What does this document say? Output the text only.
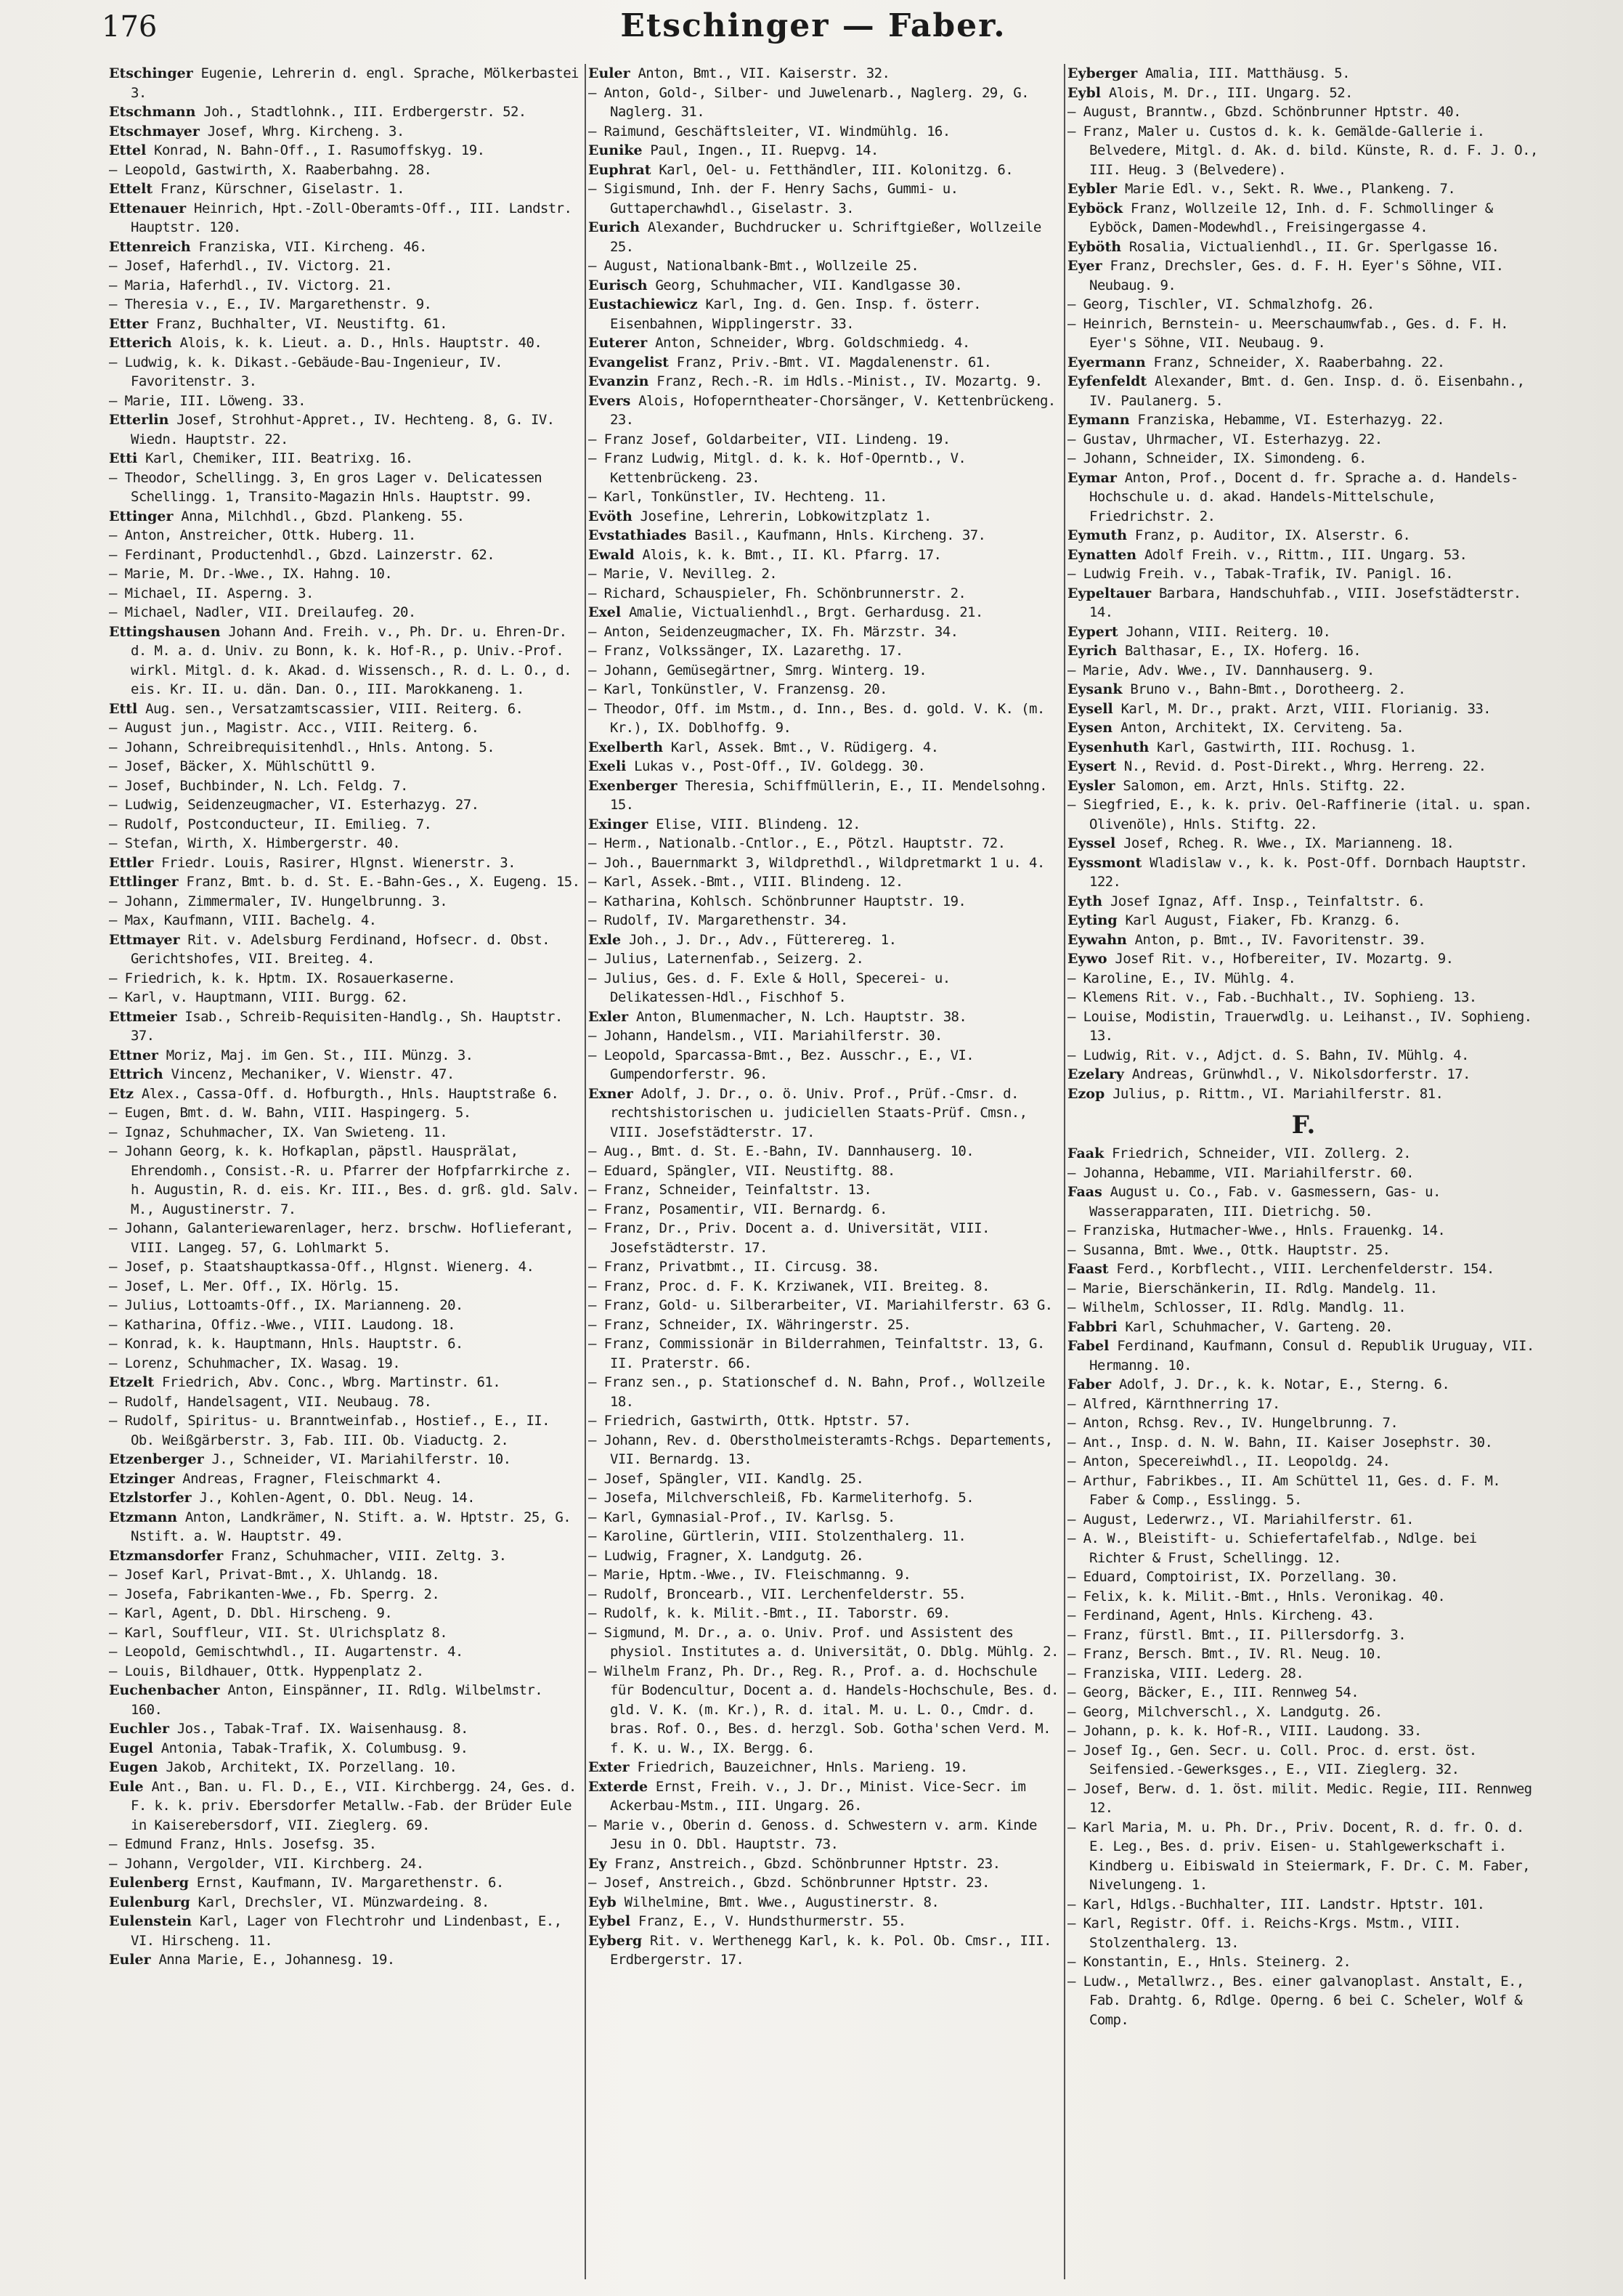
176	Etschinger — Faber.

Etschinger Eugenie, Lehrerin d. engl. Sprache, Mölkerbastei 3.

Etschmann Joh., Stadtlohnk., III. Erdbergerstr. 52.

Etschmayer Josef, Whrg. Kircheng. 3.

Ettel Konrad, N. Bahn-Off., I. Rasumoffskyg. 19.

— Leopold, Gastwirth, X. Raaberbahng. 28.

Ettelt Franz, Kürschner, Giselastr. 1.

Ettenauer Heinrich, Hpt.-Zoll-Oberamts-Off., III. Landstr. Hauptstr. 120.

Ettenreich Franziska, VII. Kircheng. 46.

— Josef, Haferhdl., IV. Victorg. 21.

— Maria, Haferhdl., IV. Victorg. 21.

— Theresia v., E., IV. Margarethenstr. 9.

Etter Franz, Buchhalter, VI. Neustiftg. 61.

Etterich Alois, k. k. Lieut. a. D., Hnls. Hauptstr. 40.

— Ludwig, k. k. Dikast.-Gebäude-Bau-Ingenieur, IV. Favoritenstr. 3.

— Marie, III. Löweng. 33.

Etterlin Josef, Strohhut-Appret., IV. Hechteng. 8, G. IV. Wiedn. Hauptstr. 22.

Etti Karl, Chemiker, III. Beatrixg. 16.

— Theodor, Schellingg. 3, En gros Lager v. Delicatessen Schellingg. 1, Transito-Magazin Hnls. Hauptstr. 99.

Ettinger Anna, Milchhdl., Gbzd. Plankeng. 55.

— Anton, Anstreicher, Ottk. Huberg. 11.

— Ferdinant, Productenhdl., Gbzd. Lainzerstr. 62.

— Marie, M. Dr.-Wwe., IX. Hahng. 10.

— Michael, II. Asperng. 3.

— Michael, Nadler, VII. Dreilaufeg. 20.

Ettingshausen Johann And. Freih. v., Ph. Dr. u. Ehren-Dr. d. M. a. d. Univ. zu Bonn, k. k. Hof-R., p. Univ.-Prof. wirkl. Mitgl. d. k. Akad. d. Wissensch., R. d. L. O., d. eis. Kr. II. u. dän. Dan. O., III. Marokkaneng. 1.

Ettl Aug. sen., Versatzamtscassier, VIII. Reiterg. 6.

— August jun., Magistr. Acc., VIII. Reiterg. 6.

— Johann, Schreibrequisitenhdl., Hnls. Antong. 5.

— Josef, Bäcker, X. Mühlschüttl 9.

— Josef, Buchbinder, N. Lch. Feldg. 7.

— Ludwig, Seidenzeugmacher, VI. Esterhazyg. 27.

— Rudolf, Postconducteur, II. Emilieg. 7.

— Stefan, Wirth, X. Himbergerstr. 40.

Ettler Friedr. Louis, Rasirer, Hlgnst. Wienerstr. 3.

Ettlinger Franz, Bmt. b. d. St. E.-Bahn-Ges., X. Eugeng. 15.

— Johann, Zimmermaler, IV. Hungelbrunng. 3.

— Max, Kaufmann, VIII. Bachelg. 4.

Ettmayer Rit. v. Adelsburg Ferdinand, Hofsecr. d. Obst. Gerichtshofes, VII. Breiteg. 4.

— Friedrich, k. k. Hptm. IX. Rosauerkaserne.

— Karl, v. Hauptmann, VIII. Burgg. 62.

Ettmeier Isab., Schreib-Requisiten-Handlg., Sh. Hauptstr. 37.

Ettner Moriz, Maj. im Gen. St., III. Münzg. 3.

Ettrich Vincenz, Mechaniker, V. Wienstr. 47.

Etz Alex., Cassa-Off. d. Hofburgth., Hnls. Hauptstraße 6.

— Eugen, Bmt. d. W. Bahn, VIII. Haspingerg. 5.

— Ignaz, Schuhmacher, IX. Van Swieteng. 11.

— Johann Georg, k. k. Hofkaplan, päpstl. Hausprälat, Ehrendomh., Consist.-R. u. Pfarrer der Hofpfarrkirche z. h. Augustin, R. d. eis. Kr. III., Bes. d. grß. gld. Salv. M., Augustinerstr. 7.

— Johann, Galanteriewarenlager, herz. brschw. Hoflieferant, VIII. Langeg. 57, G. Lohlmarkt 5.

— Josef, p. Staatshauptkassa-Off., Hlgnst. Wienerg. 4.

— Josef, L. Mer. Off., IX. Hörlg. 15.

— Julius, Lottoamts-Off., IX. Marianneng. 20.

— Katharina, Offiz.-Wwe., VIII. Laudong. 18.

— Konrad, k. k. Hauptmann, Hnls. Hauptstr. 6.

— Lorenz, Schuhmacher, IX. Wasag. 19.

Etzelt Friedrich, Abv. Conc., Wbrg. Martinstr. 61.

— Rudolf, Handelsagent, VII. Neubaug. 78.

— Rudolf, Spiritus- u. Branntweinfab., Hostief., E., II. Ob. Weißgärberstr. 3, Fab. III. Ob. Viaductg. 2.

Etzenberger J., Schneider, VI. Mariahilferstr. 10.

Etzinger Andreas, Fragner, Fleischmarkt 4.

Etzlstorfer J., Kohlen-Agent, O. Dbl. Neug. 14.

Etzmann Anton, Landkrämer, N. Stift. a. W. Hptstr. 25, G. Nstift. a. W. Hauptstr. 49.

Etzmansdorfer Franz, Schuhmacher, VIII. Zeltg. 3.

— Josef Karl, Privat-Bmt., X. Uhlandg. 18.

— Josefa, Fabrikanten-Wwe., Fb. Sperrg. 2.

— Karl, Agent, D. Dbl. Hirscheng. 9.

— Karl, Souffleur, VII. St. Ulrichsplatz 8.

— Leopold, Gemischtwhdl., II. Augartenstr. 4.

— Louis, Bildhauer, Ottk. Hyppenplatz 2.

Euchenbacher Anton, Einspänner, II. Rdlg. Wilbelmstr. 160.

Euchler Jos., Tabak-Traf. IX. Waisenhausg. 8.

Eugel Antonia, Tabak-Trafik, X. Columbusg. 9.

Eugen Jakob, Architekt, IX. Porzellang. 10.

Eule Ant., Ban. u. Fl. D., E., VII. Kirchbergg. 24, Ges. d. F. k. k. priv. Ebersdorfer Metallw.-Fab. der Brüder Eule in Kaiserebersdorf, VII. Zieglerg. 69.

— Edmund Franz, Hnls. Josefsg. 35.

— Johann, Vergolder, VII. Kirchberg. 24.

Eulenberg Ernst, Kaufmann, IV. Margarethenstr. 6.

Eulenburg Karl, Drechsler, VI. Münzwardeing. 8.

Eulenstein Karl, Lager von Flechtrohr und Lindenbast, E., VI. Hirscheng. 11.

Euler Anna Marie, E., Johannesg. 19.

Euler Anton, Bmt., VII. Kaiserstr. 32.

— Anton, Gold-, Silber- und Juwelenarb., Naglerg. 29, G. Naglerg. 31.

— Raimund, Geschäftsleiter, VI. Windmühlg. 16.

Eunike Paul, Ingen., II. Ruepvg. 14.

Euphrat Karl, Oel- u. Fetthändler, III. Kolonitzg. 6.

— Sigismund, Inh. der F. Henry Sachs, Gummi- u. Guttaperchawhdl., Giselastr. 3.

Eurich Alexander, Buchdrucker u. Schriftgießer, Wollzeile 25.

— August, Nationalbank-Bmt., Wollzeile 25.

Eurisch Georg, Schuhmacher, VII. Kandlgasse 30.

Eustachiewicz Karl, Ing. d. Gen. Insp. f. österr. Eisenbahnen, Wipplingerstr. 33.

Euterer Anton, Schneider, Wbrg. Goldschmiedg. 4.

Evangelist Franz, Priv.-Bmt. VI. Magdalenenstr. 61.

Evanzin Franz, Rech.-R. im Hdls.-Minist., IV. Mozartg. 9.

Evers Alois, Hofoperntheater-Chorsänger, V. Kettenbrückeng. 23.

— Franz Josef, Goldarbeiter, VII. Lindeng. 19.

— Franz Ludwig, Mitgl. d. k. k. Hof-Operntb., V. Kettenbrückeng. 23.

— Karl, Tonkünstler, IV. Hechteng. 11.

Evöth Josefine, Lehrerin, Lobkowitzplatz 1.

Evstathiades Basil., Kaufmann, Hnls. Kircheng. 37.

Ewald Alois, k. k. Bmt., II. Kl. Pfarrg. 17.

— Marie, V. Nevilleg. 2.

— Richard, Schauspieler, Fh. Schönbrunnerstr. 2.

Exel Amalie, Victualienhdl., Brgt. Gerhardusg. 21.

— Anton, Seidenzeugmacher, IX. Fh. Märzstr. 34.

— Franz, Volkssänger, IX. Lazarethg. 17.

— Johann, Gemüsegärtner, Smrg. Winterg. 19.

— Karl, Tonkünstler, V. Franzensg. 20.

— Theodor, Off. im Mstm., d. Inn., Bes. d. gold. V. K. (m. Kr.), IX. Doblhoffg. 9.

Exelberth Karl, Assek. Bmt., V. Rüdigerg. 4.

Exeli Lukas v., Post-Off., IV. Goldegg. 30.

Exenberger Theresia, Schiffmüllerin, E., II. Mendelsohng. 15.

Exinger Elise, VIII. Blindeng. 12.

— Herm., Nationalb.-Cntlor., E., Pötzl. Hauptstr. 72.

— Joh., Bauernmarkt 3, Wildprethdl., Wildpretmarkt 1 u. 4.

— Karl, Assek.-Bmt., VIII. Blindeng. 12.

— Katharina, Kohlsch. Schönbrunner Hauptstr. 19.

— Rudolf, IV. Margarethenstr. 34.

Exle Joh., J. Dr., Adv., Fütterereg. 1.

— Julius, Laternenfab., Seizerg. 2.

— Julius, Ges. d. F. Exle & Holl, Specerei- u. Delikatessen-Hdl., Fischhof 5.

Exler Anton, Blumenmacher, N. Lch. Hauptstr. 38.

— Johann, Handelsm., VII. Mariahilferstr. 30.

— Leopold, Sparcassa-Bmt., Bez. Ausschr., E., VI. Gumpendorferstr. 96.

Exner Adolf, J. Dr., o. ö. Univ. Prof., Prüf.-Cmsr. d. rechtshistorischen u. judiciellen Staats-Prüf. Cmsn., VIII. Josefstädterstr. 17.

— Aug., Bmt. d. St. E.-Bahn, IV. Dannhauserg. 10.

— Eduard, Spängler, VII. Neustiftg. 88.

— Franz, Schneider, Teinfaltstr. 13.

— Franz, Posamentir, VII. Bernardg. 6.

— Franz, Dr., Priv. Docent a. d. Universität, VIII. Josefstädterstr. 17.

— Franz, Privatbmt., II. Circusg. 38.

— Franz, Proc. d. F. K. Krziwanek, VII. Breiteg. 8.

— Franz, Gold- u. Silberarbeiter, VI. Mariahilferstr. 63 G.

— Franz, Schneider, IX. Währingerstr. 25.

— Franz, Commissionär in Bilderrahmen, Teinfaltstr. 13, G. II. Praterstr. 66.

— Franz sen., p. Stationschef d. N. Bahn, Prof., Wollzeile 18.

— Friedrich, Gastwirth, Ottk. Hptstr. 57.

— Johann, Rev. d. Oberstholmeisteramts-Rchgs. Departements, VII. Bernardg. 13.

— Josef, Spängler, VII. Kandlg. 25.

— Josefa, Milchverschleiß, Fb. Karmeliterhofg. 5.

— Karl, Gymnasial-Prof., IV. Karlsg. 5.

— Karoline, Gürtlerin, VIII. Stolzenthalerg. 11.

— Ludwig, Fragner, X. Landgutg. 26.

— Marie, Hptm.-Wwe., IV. Fleischmanng. 9.

— Rudolf, Broncearb., VII. Lerchenfelderstr. 55.

— Rudolf, k. k. Milit.-Bmt., II. Taborstr. 69.

— Sigmund, M. Dr., a. o. Univ. Prof. und Assistent des physiol. Institutes a. d. Universität, O. Dblg. Mühlg. 2.

— Wilhelm Franz, Ph. Dr., Reg. R., Prof. a. d. Hochschule für Bodencultur, Docent a. d. Handels-Hochschule, Bes. d. gld. V. K. (m. Kr.), R. d. ital. M. u. L. O., Cmdr. d. bras. Rof. O., Bes. d. herzgl. Sob. Gotha'schen Verd. M. f. K. u. W., IX. Bergg. 6.

Exter Friedrich, Bauzeichner, Hnls. Marieng. 19.

Exterde Ernst, Freih. v., J. Dr., Minist. Vice-Secr. im Ackerbau-Mstm., III. Ungarg. 26.

— Marie v., Oberin d. Genoss. d. Schwestern v. arm. Kinde Jesu in O. Dbl. Hauptstr. 73.

Ey Franz, Anstreich., Gbzd. Schönbrunner Hptstr. 23.

— Josef, Anstreich., Gbzd. Schönbrunner Hptstr. 23.

Eyb Wilhelmine, Bmt. Wwe., Augustinerstr. 8.

Eybel Franz, E., V. Hundsthurmerstr. 55.

Eyberg Rit. v. Werthenegg Karl, k. k. Pol. Ob. Cmsr., III. Erdbergerstr. 17.

Eyberger Amalia, III. Matthäusg. 5.

Eybl Alois, M. Dr., III. Ungarg. 52.

— August, Branntw., Gbzd. Schönbrunner Hptstr. 40.

— Franz, Maler u. Custos d. k. k. Gemälde-Gallerie i. Belvedere, Mitgl. d. Ak. d. bild. Künste, R. d. F. J. O., III. Heug. 3 (Belvedere).

Eybler Marie Edl. v., Sekt. R. Wwe., Plankeng. 7.

Eyböck Franz, Wollzeile 12, Inh. d. F. Schmollinger & Eyböck, Damen-Modewhdl., Freisingergasse 4.

Eyböth Rosalia, Victualienhdl., II. Gr. Sperlgasse 16.

Eyer Franz, Drechsler, Ges. d. F. H. Eyer's Söhne, VII. Neubaug. 9.

— Georg, Tischler, VI. Schmalzhofg. 26.

— Heinrich, Bernstein- u. Meerschaumwfab., Ges. d. F. H. Eyer's Söhne, VII. Neubaug. 9.

Eyermann Franz, Schneider, X. Raaberbahng. 22.

Eyfenfeldt Alexander, Bmt. d. Gen. Insp. d. ö. Eisenbahn., IV. Paulanerg. 5.

Eymann Franziska, Hebamme, VI. Esterhazyg. 22.

— Gustav, Uhrmacher, VI. Esterhazyg. 22.

— Johann, Schneider, IX. Simondeng. 6.

Eymar Anton, Prof., Docent d. fr. Sprache a. d. Handels-Hochschule u. d. akad. Handels-Mittelschule, Friedrichstr. 2.

Eymuth Franz, p. Auditor, IX. Alserstr. 6.

Eynatten Adolf Freih. v., Rittm., III. Ungarg. 53.

— Ludwig Freih. v., Tabak-Trafik, IV. Panigl. 16.

Eypeltauer Barbara, Handschuhfab., VIII. Josefstädterstr. 14.

Eypert Johann, VIII. Reiterg. 10.

Eyrich Balthasar, E., IX. Hoferg. 16.

— Marie, Adv. Wwe., IV. Dannhauserg. 9.

Eysank Bruno v., Bahn-Bmt., Dorotheerg. 2.

Eysell Karl, M. Dr., prakt. Arzt, VIII. Florianig. 33.

Eysen Anton, Architekt, IX. Cerviteng. 5a.

Eysenhuth Karl, Gastwirth, III. Rochusg. 1.

Eysert N., Revid. d. Post-Direkt., Whrg. Herreng. 22.

Eysler Salomon, em. Arzt, Hnls. Stiftg. 22.

— Siegfried, E., k. k. priv. Oel-Raffinerie (ital. u. span. Olivenöle), Hnls. Stiftg. 22.

Eyssel Josef, Rcheg. R. Wwe., IX. Marianneng. 18.

Eyssmont Wladislaw v., k. k. Post-Off. Dornbach Hauptstr. 122.

Eyth Josef Ignaz, Aff. Insp., Teinfaltstr. 6.

Eyting Karl August, Fiaker, Fb. Kranzg. 6.

Eywahn Anton, p. Bmt., IV. Favoritenstr. 39.

Eywo Josef Rit. v., Hofbereiter, IV. Mozartg. 9.

— Karoline, E., IV. Mühlg. 4.

— Klemens Rit. v., Fab.-Buchhalt., IV. Sophieng. 13.

— Louise, Modistin, Trauerwdlg. u. Leihanst., IV. Sophieng. 13.

— Ludwig, Rit. v., Adjct. d. S. Bahn, IV. Mühlg. 4.

Ezelary Andreas, Grünwhdl., V. Nikolsdorferstr. 17.

Ezop Julius, p. Rittm., VI. Mariahilferstr. 81.

F.

Faak Friedrich, Schneider, VII. Zollerg. 2.

— Johanna, Hebamme, VII. Mariahilferstr. 60.

Faas August u. Co., Fab. v. Gasmessern, Gas- u. Wasserapparaten, III. Dietrichg. 50.

— Franziska, Hutmacher-Wwe., Hnls. Frauenkg. 14.

— Susanna, Bmt. Wwe., Ottk. Hauptstr. 25.

Faast Ferd., Korbflecht., VIII. Lerchenfelderstr. 154.

— Marie, Bierschänkerin, II. Rdlg. Mandelg. 11.

— Wilhelm, Schlosser, II. Rdlg. Mandlg. 11.

Fabbri Karl, Schuhmacher, V. Garteng. 20.

Fabel Ferdinand, Kaufmann, Consul d. Republik Uruguay, VII. Hermanng. 10.

Faber Adolf, J. Dr., k. k. Notar, E., Sterng. 6.

— Alfred, Kärnthnerring 17.

— Anton, Rchsg. Rev., IV. Hungelbrunng. 7.

— Ant., Insp. d. N. W. Bahn, II. Kaiser Josephstr. 30.

— Anton, Specereiwhdl., II. Leopoldg. 24.

— Arthur, Fabrikbes., II. Am Schüttel 11, Ges. d. F. M. Faber & Comp., Esslingg. 5.

— August, Lederwrz., VI. Mariahilferstr. 61.

— A. W., Bleistift- u. Schiefertafelfab., Ndlge. bei Richter & Frust, Schellingg. 12.

— Eduard, Comptoirist, IX. Porzellang. 30.

— Felix, k. k. Milit.-Bmt., Hnls. Veronikag. 40.

— Ferdinand, Agent, Hnls. Kircheng. 43.

— Franz, fürstl. Bmt., II. Pillersdorfg. 3.

— Franz, Bersch. Bmt., IV. Rl. Neug. 10.

— Franziska, VIII. Lederg. 28.

— Georg, Bäcker, E., III. Rennweg 54.

— Georg, Milchverschl., X. Landgutg. 26.

— Johann, p. k. k. Hof-R., VIII. Laudong. 33.

— Josef Ig., Gen. Secr. u. Coll. Proc. d. erst. öst. Seifensied.-Gewerksges., E., VII. Zieglerg. 32.

— Josef, Berw. d. 1. öst. milit. Medic. Regie, III. Rennweg 12.

— Karl Maria, M. u. Ph. Dr., Priv. Docent, R. d. fr. O. d. E. Leg., Bes. d. priv. Eisen- u. Stahlgewerkschaft i. Kindberg u. Eibiswald in Steiermark, F. Dr. C. M. Faber, Nivelungeng. 1.

— Karl, Hdlgs.-Buchhalter, III. Landstr. Hptstr. 101.

— Karl, Registr. Off. i. Reichs-Krgs. Mstm., VIII. Stolzenthalerg. 13.

— Konstantin, E., Hnls. Steinerg. 2.

— Ludw., Metallwrz., Bes. einer galvanoplast. Anstalt, E., Fab. Drahtg. 6, Rdlge. Operng. 6 bei C. Scheler, Wolf & Comp.
